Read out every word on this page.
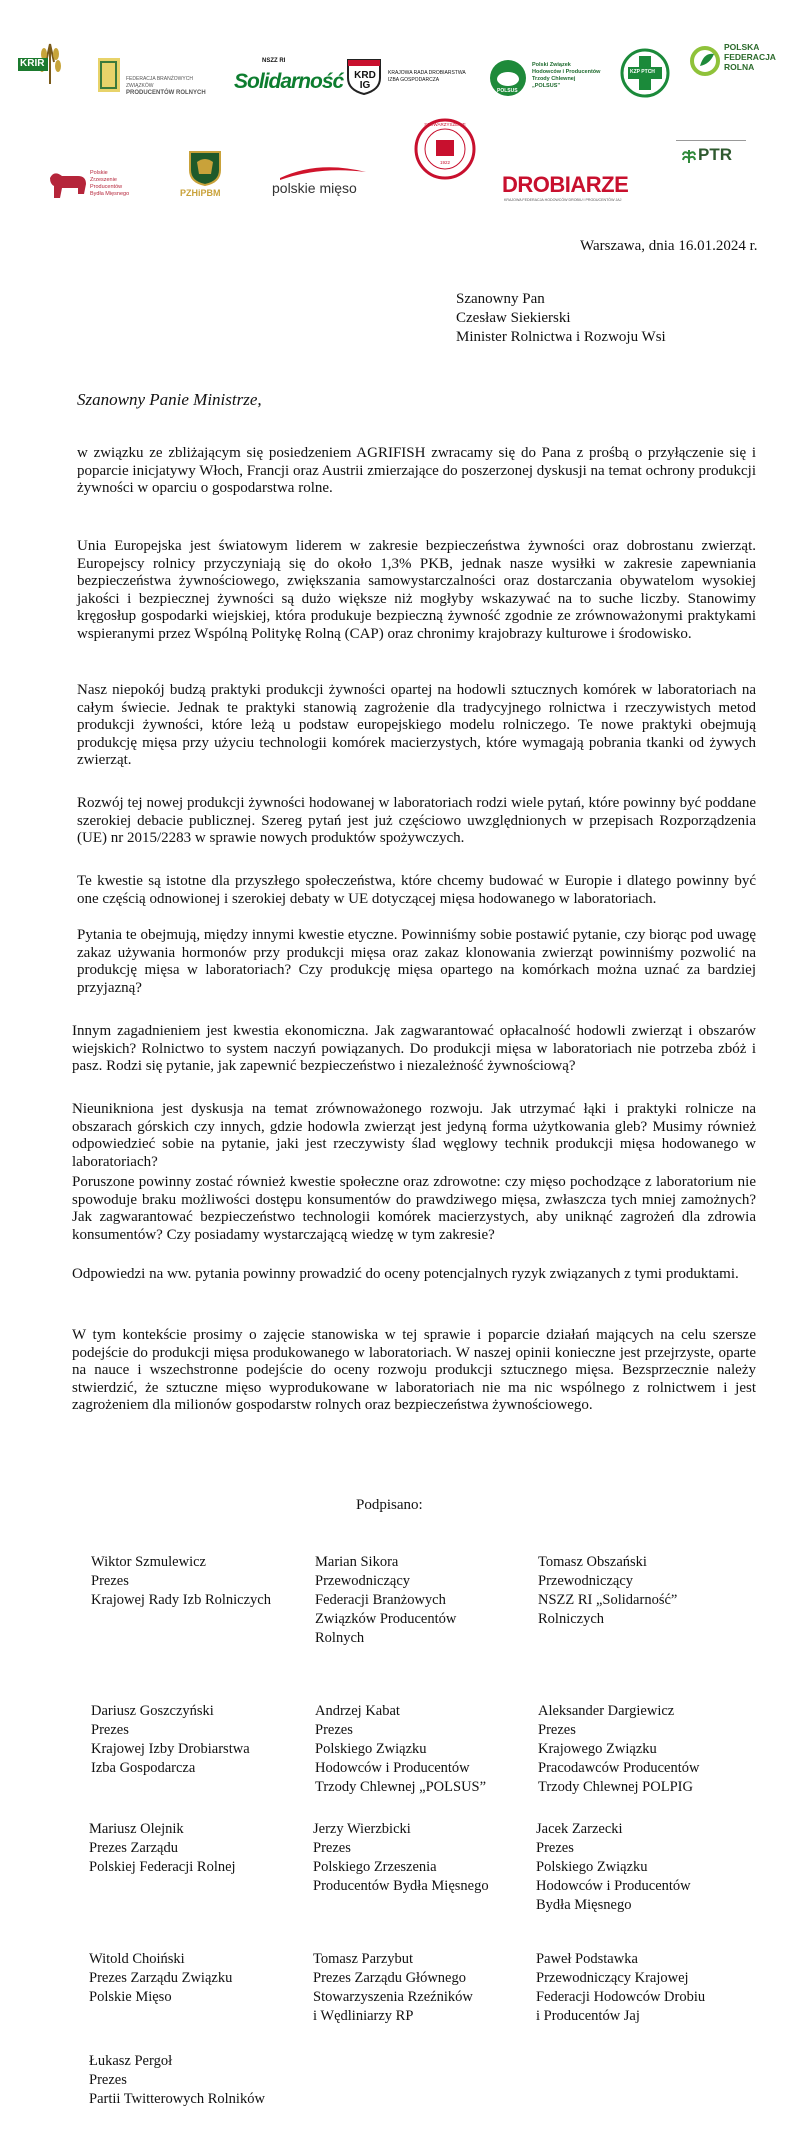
KRIR
FEDERACJA BRANŻOWYCH ZWIĄZKÓW
PRODUCENTÓW ROLNYCH
NSZZ RI
Solidarność KRD IG
KRAJOWA RADA DROBIARSTWA
IZBA GOSPODARCZA
POLSUS
Polski Związek
Hodowców i Producentów
Trzody Chlewnej
„POLSUS”
KZP PTCH
POLSKA
FEDERACJA
ROLNA
Polskie
Zrzeszenie
Producentów
Bydła Mięsnego	PZHiPBM	polskie mięso
STOWARZYSZENIE
1922
DROBIARZE
KRAJOWA FEDERACJA HODOWCÓW DROBIU I PRODUCENTÓW JAJ
PTR
Warszawa, dnia 16.01.2024 r.
Szanowny Pan
Czesław Siekierski
Minister Rolnictwa i Rozwoju Wsi
Szanowny Panie Ministrze,

w związku ze zbliżającym się posiedzeniem AGRIFISH zwracamy się do Pana z prośbą o przyłączenie się i poparcie inicjatywy Włoch, Francji oraz Austrii zmierzające do poszerzonej dyskusji na temat ochrony produkcji żywności w oparciu o gospodarstwa rolne.

Unia Europejska jest światowym liderem w zakresie bezpieczeństwa żywności oraz dobrostanu zwierząt. Europejscy rolnicy przyczyniają się do około 1,3% PKB, jednak nasze wysiłki w zakresie zapewniania bezpieczeństwa żywnościowego, zwiększania samowystarczalności oraz dostarczania obywatelom wysokiej jakości i bezpiecznej żywności są dużo większe niż mogłyby wskazywać na to suche liczby. Stanowimy kręgosłup gospodarki wiejskiej, która produkuje bezpieczną żywność zgodnie ze zrównoważonymi praktykami wspieranymi przez Wspólną Politykę Rolną (CAP) oraz chronimy krajobrazy kulturowe i środowisko.

Nasz niepokój budzą praktyki produkcji żywności opartej na hodowli sztucznych komórek w laboratoriach na całym świecie. Jednak te praktyki stanowią zagrożenie dla tradycyjnego rolnictwa i rzeczywistych metod produkcji żywności, które leżą u podstaw europejskiego modelu rolniczego. Te nowe praktyki obejmują produkcję mięsa przy użyciu technologii komórek macierzystych, które wymagają pobrania tkanki od żywych zwierząt.

Rozwój tej nowej produkcji żywności hodowanej w laboratoriach rodzi wiele pytań, które powinny być poddane szerokiej debacie publicznej. Szereg pytań jest już częściowo uwzględnionych w przepisach Rozporządzenia (UE) nr 2015/2283 w sprawie nowych produktów spożywczych.

Te kwestie są istotne dla przyszłego społeczeństwa, które chcemy budować w Europie i dlatego powinny być one częścią odnowionej i szerokiej debaty w UE dotyczącej mięsa hodowanego w laboratoriach.

Pytania te obejmują, między innymi kwestie etyczne. Powinniśmy sobie postawić pytanie, czy biorąc pod uwagę zakaz używania hormonów przy produkcji mięsa oraz zakaz klonowania zwierząt powinniśmy pozwolić na produkcję mięsa w laboratoriach? Czy produkcję mięsa opartego na komórkach można uznać za bardziej przyjazną?

Innym zagadnieniem jest kwestia ekonomiczna. Jak zagwarantować opłacalność hodowli zwierząt i obszarów wiejskich? Rolnictwo to system naczyń powiązanych. Do produkcji mięsa w laboratoriach nie potrzeba zbóż i pasz. Rodzi się pytanie, jak zapewnić bezpieczeństwo i niezależność żywnościową?

Nieunikniona jest dyskusja na temat zrównoważonego rozwoju. Jak utrzymać łąki i praktyki rolnicze na obszarach górskich czy innych, gdzie hodowla zwierząt jest jedyną forma użytkowania gleb? Musimy również odpowiedzieć sobie na pytanie, jaki jest rzeczywisty ślad węglowy technik produkcji mięsa hodowanego w laboratoriach?

Poruszone powinny zostać również kwestie społeczne oraz zdrowotne: czy mięso pochodzące z laboratorium nie spowoduje braku możliwości dostępu konsumentów do prawdziwego mięsa, zwłaszcza tych mniej zamożnych? Jak zagwarantować bezpieczeństwo technologii komórek macierzystych, aby uniknąć zagrożeń dla zdrowia konsumentów? Czy posiadamy wystarczającą wiedzę w tym zakresie?

Odpowiedzi na ww. pytania powinny prowadzić do oceny potencjalnych ryzyk związanych z tymi produktami.

W tym kontekście prosimy o zajęcie stanowiska w tej sprawie i poparcie działań mających na celu szersze podejście do produkcji mięsa produkowanego w laboratoriach. W naszej opinii konieczne jest przejrzyste, oparte na nauce i wszechstronne podejście do oceny rozwoju produkcji sztucznego mięsa. Bezsprzecznie należy stwierdzić, że sztuczne mięso wyprodukowane w laboratoriach nie ma nic wspólnego z rolnictwem i jest zagrożeniem dla milionów gospodarstw rolnych oraz bezpieczeństwa żywnościowego.

Podpisano:
Wiktor Szmulewicz
Prezes
Krajowej Rady Izb Rolniczych
Marian Sikora
Przewodniczący
Federacji Branżowych
Związków Producentów
Rolnych
Tomasz Obszański
Przewodniczący
NSZZ RI „Solidarność”
Rolniczych
Dariusz Goszczyński
Prezes
Krajowej Izby Drobiarstwa
Izba Gospodarcza
Andrzej Kabat
Prezes
Polskiego Związku
Hodowców i Producentów
Trzody Chlewnej „POLSUS”
Aleksander Dargiewicz
Prezes
Krajowego Związku
Pracodawców Producentów
Trzody Chlewnej POLPIG
Mariusz Olejnik
Prezes Zarządu
Polskiej Federacji Rolnej
Jerzy Wierzbicki
Prezes
Polskiego Zrzeszenia
Producentów Bydła Mięsnego
Jacek Zarzecki
Prezes
Polskiego Związku
Hodowców i Producentów
Bydła Mięsnego
Witold Choiński
Prezes Zarządu Związku
Polskie Mięso
Tomasz Parzybut
Prezes Zarządu Głównego
Stowarzyszenia Rzeźników
i Wędliniarzy RP
Paweł Podstawka
Przewodniczący Krajowej
Federacji Hodowców Drobiu
i Producentów Jaj
Łukasz Pergoł
Prezes
Partii Twitterowych Rolników
